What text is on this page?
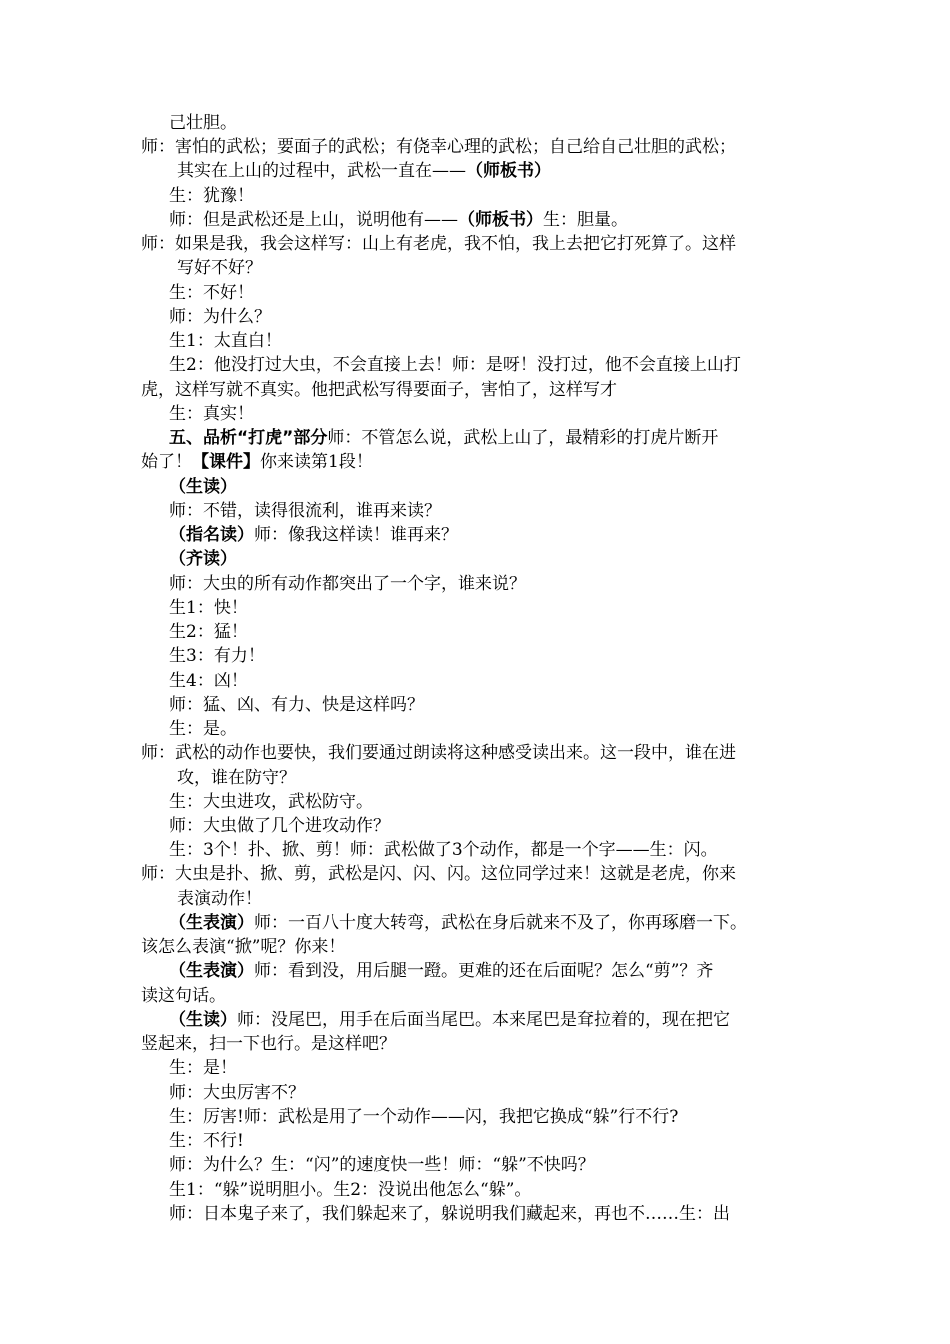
己壮胆。
师：害怕的武松；要面子的武松；有侥幸心理的武松；自己给自己壮胆的武松；
其实在上山的过程中，武松一直在——（师板书）
生：犹豫！
师：但是武松还是上山，说明他有——（师板书）生：胆量。
师：如果是我，我会这样写：山上有老虎，我不怕，我上去把它打死算了。这样
写好不好？
生：不好！
师：为什么？
生1：太直白！
生2：他没打过大虫，不会直接上去！师：是呀！没打过，他不会直接上山打
虎，这样写就不真实。他把武松写得要面子，害怕了，这样写才
生：真实！
五、品析“打虎”部分师：不管怎么说，武松上山了，最精彩的打虎片断开
始了！【课件】你来读第1段！
（生读）
师：不错，读得很流利，谁再来读？
（指名读）师：像我这样读！谁再来？
（齐读）
师：大虫的所有动作都突出了一个字，谁来说？
生1：快！
生2：猛！
生3：有力！
生4：凶！
师：猛、凶、有力、快是这样吗？
生：是。
师：武松的动作也要快，我们要通过朗读将这种感受读出来。这一段中，谁在进
攻，谁在防守？
生：大虫进攻，武松防守。
师：大虫做了几个进攻动作？
生：3个！扑、掀、剪！师：武松做了3个动作，都是一个字——生：闪。
师：大虫是扑、掀、剪，武松是闪、闪、闪。这位同学过来！这就是老虎，你来
表演动作！
（生表演）师：一百八十度大转弯，武松在身后就来不及了，你再琢磨一下。
该怎么表演“掀”呢？你来！
（生表演）师：看到没，用后腿一蹬。更难的还在后面呢？怎么“剪”？齐
读这句话。
（生读）师：没尾巴，用手在后面当尾巴。本来尾巴是耷拉着的，现在把它
竖起来，扫一下也行。是这样吧？
生：是！
师：大虫厉害不？
生：厉害!师：武松是用了一个动作——闪，我把它换成“躲”行不行?
生：不行!
师：为什么？生：“闪”的速度快一些！师：“躲”不快吗？
生1：“躲”说明胆小。生2：没说出他怎么“躲”。
师：日本鬼子来了，我们躲起来了，躲说明我们藏起来，再也不……生：出
